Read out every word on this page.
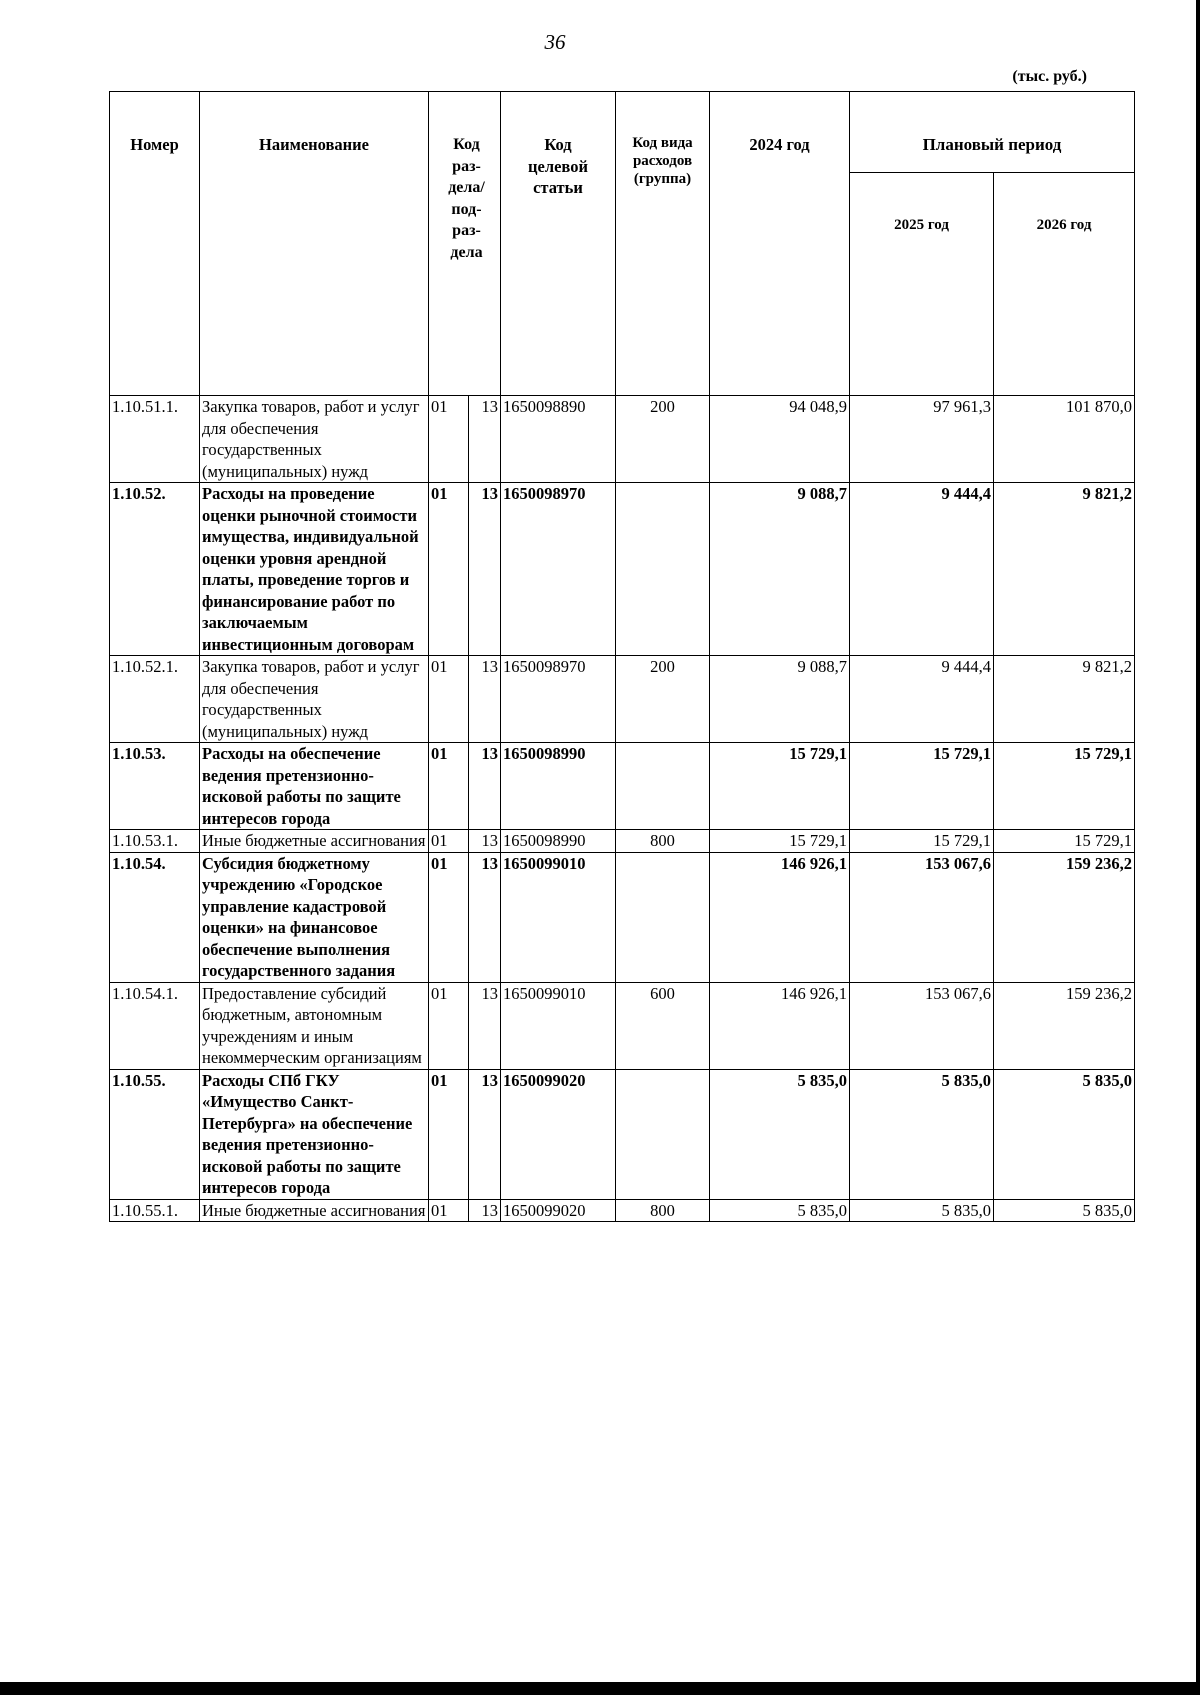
36
(тыс. руб.)
Номер	Наименование	Код раз-дела/ под-раз-дела		Код целевой статьи	Код вида расходов (группа)	2024 год	Плановый период	
							2025 год	2026 год
1.10.51.1.	Закупка товаров, работ и услуг для обеспечения государственных (муниципальных) нужд	01	13	1650098890	200	94 048,9	97 961,3	101 870,0
1.10.52.	Расходы на проведение оценки рыночной стоимости имущества, индивидуальной оценки уровня арендной платы, проведение торгов и финансирование работ по заключаемым инвестиционным договорам	01	13	1650098970		9 088,7	9 444,4	9 821,2
1.10.52.1.	Закупка товаров, работ и услуг для обеспечения государственных (муниципальных) нужд	01	13	1650098970	200	9 088,7	9 444,4	9 821,2
1.10.53.	Расходы на обеспечение ведения претензионно-исковой работы по защите интересов города	01	13	1650098990		15 729,1	15 729,1	15 729,1
1.10.53.1.	Иные бюджетные ассигнования	01	13	1650098990	800	15 729,1	15 729,1	15 729,1
1.10.54.	Субсидия бюджетному учреждению «Городское управление кадастровой оценки» на финансовое обеспечение выполнения государственного задания	01	13	1650099010		146 926,1	153 067,6	159 236,2
1.10.54.1.	Предоставление субсидий бюджетным, автономным учреждениям и иным некоммерческим организациям	01	13	1650099010	600	146 926,1	153 067,6	159 236,2
1.10.55.	Расходы СПб ГКУ «Имущество Санкт-Петербурга» на обеспечение ведения претензионно-исковой работы по защите интересов города	01	13	1650099020		5 835,0	5 835,0	5 835,0
1.10.55.1.	Иные бюджетные ассигнования	01	13	1650099020	800	5 835,0	5 835,0	5 835,0
